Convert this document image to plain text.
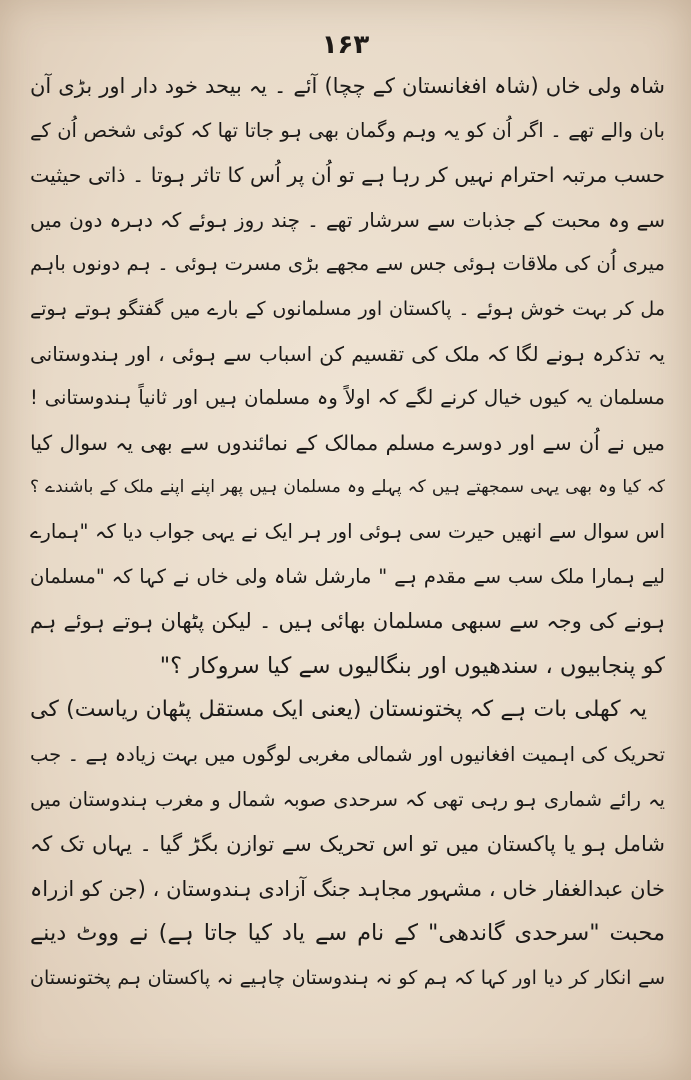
۱۶۳
شاہ ولی خاں (شاہ افغانستان کے چچا) آئے ۔ یہ بیحد خود دار اور بڑی آن
بان والے تھے ۔ اگر اُن کو یہ وہم وگمان بھی ہو جاتا تھا کہ کوئی شخص اُن کے
حسب مرتبہ احترام نہیں کر رہا ہے تو اُن پر اُس کا تاثر ہوتا ۔ ذاتی حیثیت
سے وہ محبت کے جذبات سے سرشار تھے ۔ چند روز ہوئے کہ دہرہ دون میں
میری اُن کی ملاقات ہوئی جس سے مجھے بڑی مسرت ہوئی ۔ ہم دونوں باہم
مل کر بہت خوش ہوئے ۔ پاکستان اور مسلمانوں کے بارے میں گفتگو ہوتے ہوتے
یہ تذکرہ ہونے لگا کہ ملک کی تقسیم کن اسباب سے ہوئی ، اور ہندوستانی
مسلمان یہ کیوں خیال کرنے لگے کہ اولاً وہ مسلمان ہیں اور ثانیاً ہندوستانی !
میں نے اُن سے اور دوسرے مسلم ممالک کے نمائندوں سے بھی یہ سوال کیا
کہ کیا وہ بھی یہی سمجھتے ہیں کہ پہلے وہ مسلمان ہیں پھر اپنے اپنے ملک کے باشندے ؟
اس سوال سے انھیں حیرت سی ہوئی اور ہر ایک نے یہی جواب دیا کہ "ہمارے
لیے ہمارا ملک سب سے مقدم ہے " مارشل شاہ ولی خاں نے کہا کہ "مسلمان
ہونے کی وجہ سے سبھی مسلمان بھائی ہیں ۔ لیکن پٹھان ہوتے ہوئے ہم
کو پنجابیوں ، سندھیوں اور بنگالیوں سے کیا سروکار ؟"
یہ کھلی بات ہے کہ پختونستان (یعنی ایک مستقل پٹھان ریاست) کی
تحریک کی اہمیت افغانیوں اور شمالی مغربی لوگوں میں بہت زیادہ ہے ۔ جب
یہ رائے شماری ہو رہی تھی کہ سرحدی صوبہ شمال و مغرب ہندوستان میں
شامل ہو یا پاکستان میں تو اس تحریک سے توازن بگڑ گیا ۔ یہاں تک کہ
خان عبدالغفار خاں ، مشہور مجاہد جنگ آزادی ہندوستان ، (جن کو ازراہ
محبت "سرحدی گاندھی" کے نام سے یاد کیا جاتا ہے) نے ووٹ دینے
سے انکار کر دیا اور کہا کہ ہم کو نہ ہندوستان چاہیے نہ پاکستان ہم پختونستان
